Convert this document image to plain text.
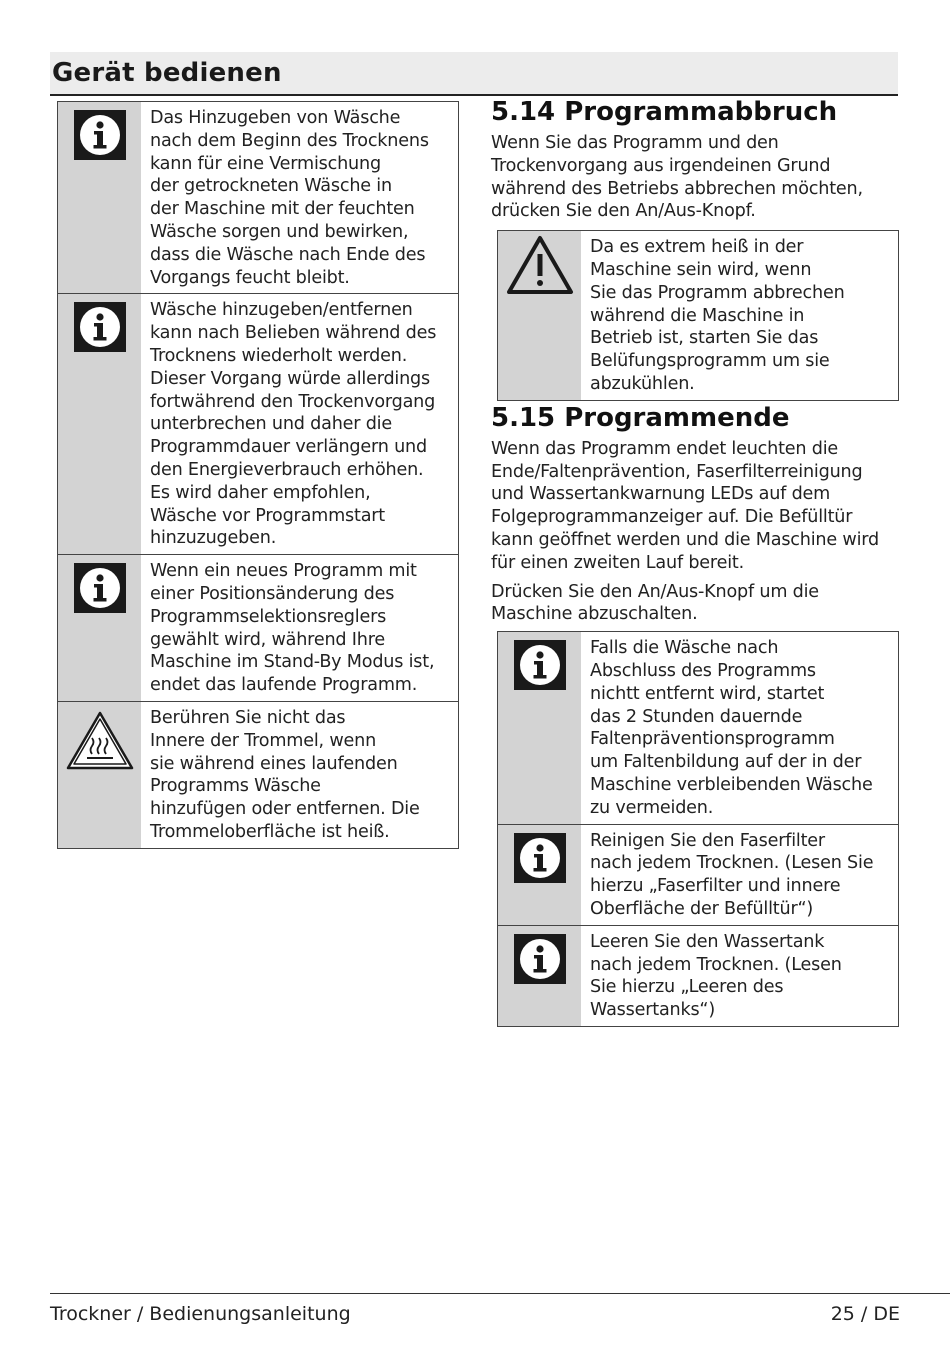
Gerät bedienen
Das Hinzugeben von Wäsche
nach dem Beginn des Trocknens
kann für eine Vermischung
der getrockneten Wäsche in
der Maschine mit der feuchten
Wäsche sorgen und bewirken,
dass die Wäsche nach Ende des
Vorgangs feucht bleibt.
Wäsche hinzugeben/entfernen
kann nach Belieben während des
Trocknens wiederholt werden.
Dieser Vorgang würde allerdings
fortwährend den Trockenvorgang
unterbrechen und daher die
Programmdauer verlängern und
den Energieverbrauch erhöhen.
Es wird daher empfohlen,
Wäsche vor Programmstart
hinzuzugeben.
Wenn ein neues Programm mit
einer Positionsänderung des
Programmselektionsreglers
gewählt wird, während Ihre
Maschine im Stand-By Modus ist,
endet das laufende Programm.
Berühren Sie nicht das
Innere der Trommel, wenn
sie während eines laufenden
Programms Wäsche
hinzufügen oder entfernen. Die
Trommeloberfläche ist heiß.
5.14 Programmabbruch
Wenn Sie das Programm und den
Trockenvorgang aus irgendeinen Grund
während des Betriebs abbrechen möchten,
drücken Sie den An/Aus-Knopf.
Da es extrem heiß in der
Maschine sein wird, wenn
Sie das Programm abbrechen
während die Maschine in
Betrieb ist, starten Sie das
Belüfungsprogramm um sie
abzukühlen.
5.15 Programmende
Wenn das Programm endet leuchten die
Ende/Faltenprävention, Faserfilterreinigung
und Wassertankwarnung LEDs auf dem
Folgeprogrammanzeiger auf. Die Befülltür
kann geöffnet werden und die Maschine wird
für einen zweiten Lauf bereit.
Drücken Sie den An/Aus-Knopf um die
Maschine abzuschalten.
Falls die Wäsche nach
Abschluss des Programms
nichtt entfernt wird, startet
das 2 Stunden dauernde
Faltenpräventionsprogramm
um Faltenbildung auf der in der
Maschine verbleibenden Wäsche
zu vermeiden.
Reinigen Sie den Faserfilter
nach jedem Trocknen. (Lesen Sie
hierzu „Faserfilter und innere
Oberfläche der Befülltür“)
Leeren Sie den Wassertank
nach jedem Trocknen. (Lesen
Sie hierzu „Leeren des
Wassertanks“)
Trockner / Bedienungsanleitung	25 / DE
